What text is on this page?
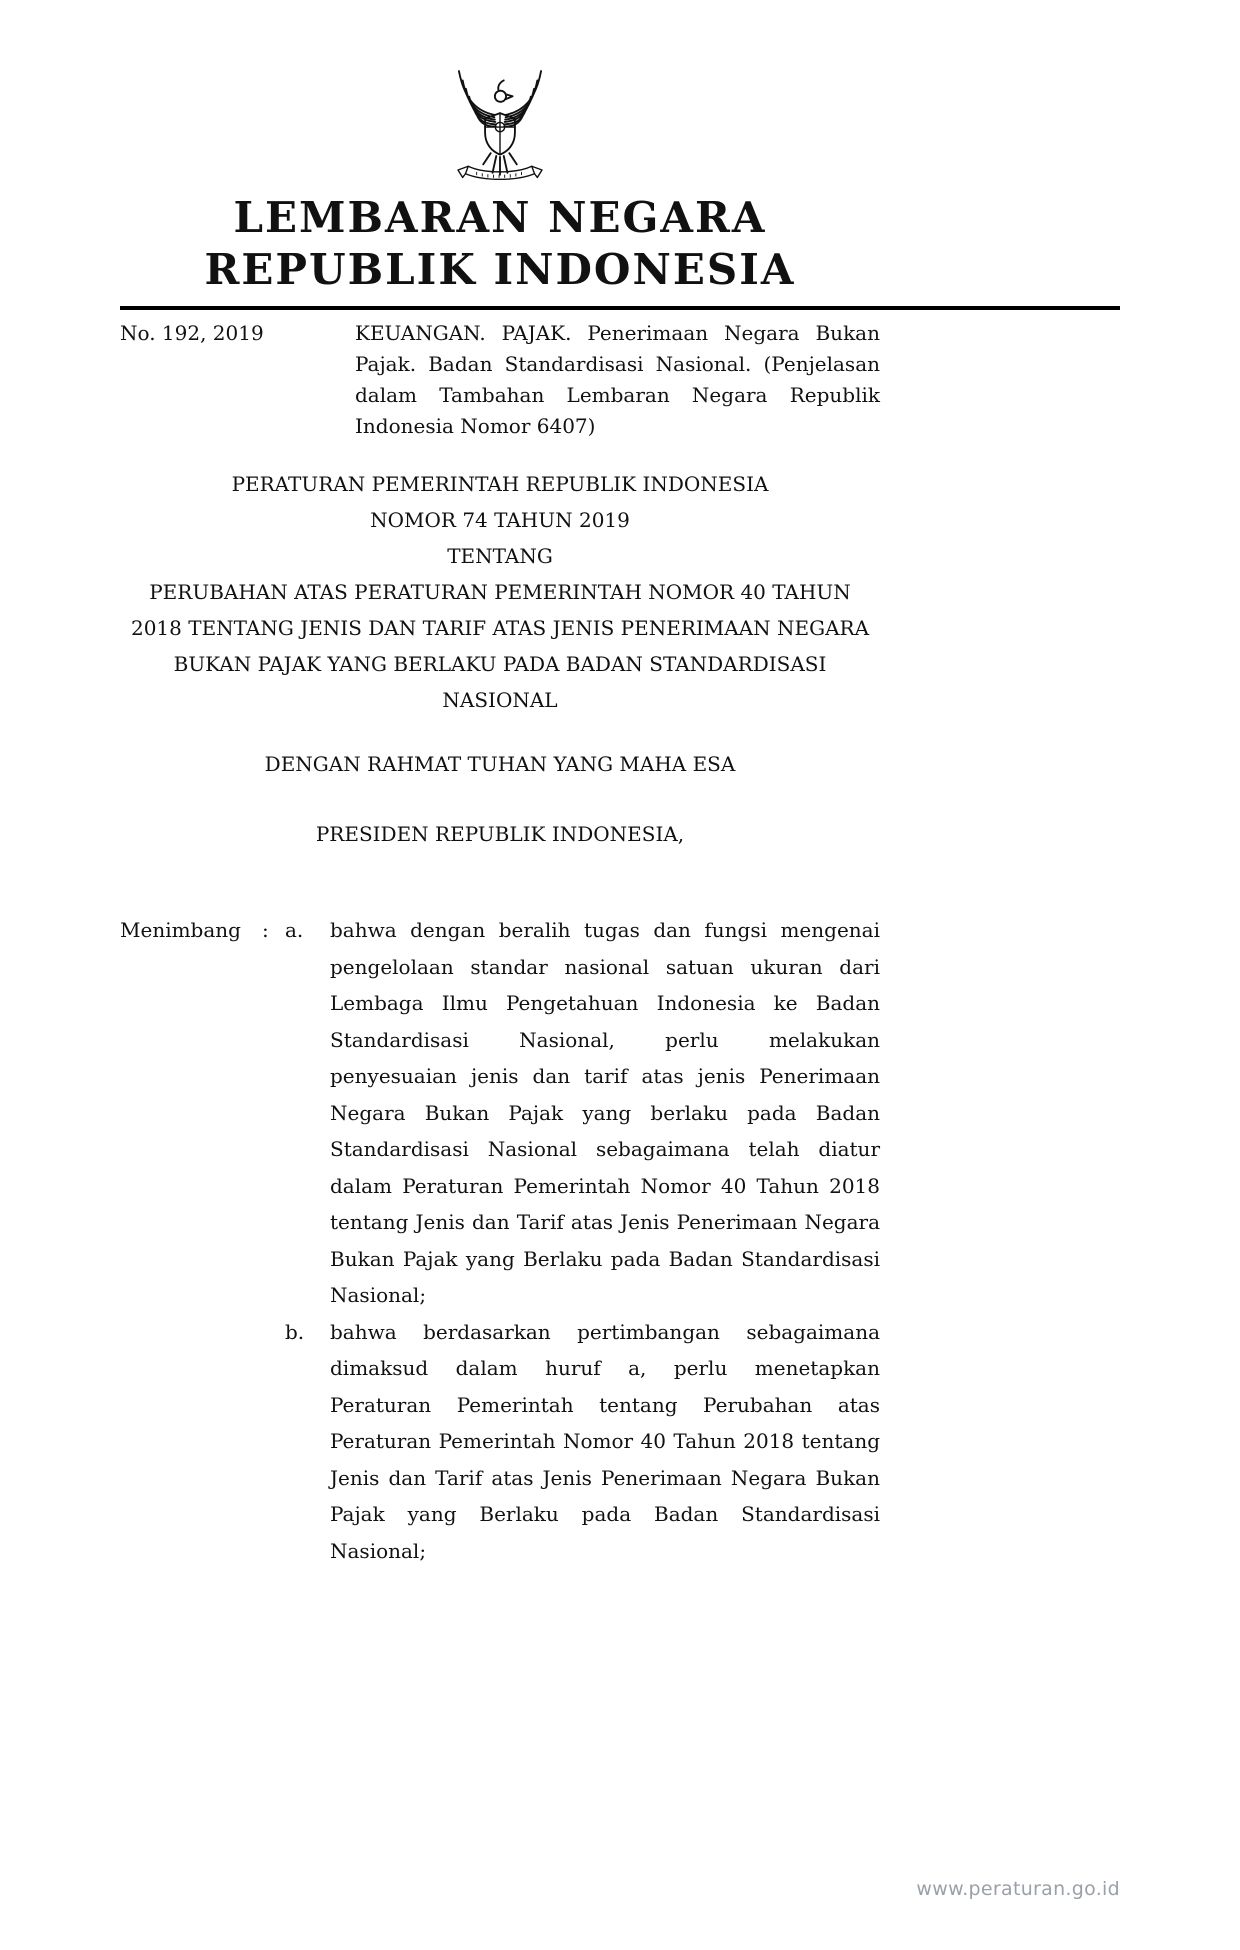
LEMBARAN NEGARA
REPUBLIK INDONESIA
No. 192, 2019	KEUANGAN. PAJAK. Penerimaan Negara Bukan Pajak. Badan Standardisasi Nasional. (Penjelasan dalam Tambahan Lembaran Negara Republik Indonesia Nomor 6407)

PERATURAN PEMERINTAH REPUBLIK INDONESIA
NOMOR 74 TAHUN 2019
TENTANG
PERUBAHAN ATAS PERATURAN PEMERINTAH NOMOR 40 TAHUN 2018 TENTANG JENIS DAN TARIF ATAS JENIS PENERIMAAN NEGARA BUKAN PAJAK YANG BERLAKU PADA BADAN STANDARDISASI NASIONAL
DENGAN RAHMAT TUHAN YANG MAHA ESA
PRESIDEN REPUBLIK INDONESIA,
Menimbang	: a.	bahwa dengan beralih tugas dan fungsi mengenai pengelolaan standar nasional satuan ukuran dari Lembaga Ilmu Pengetahuan Indonesia ke Badan Standardisasi Nasional, perlu melakukan penyesuaian jenis dan tarif atas jenis Penerimaan Negara Bukan Pajak yang berlaku pada Badan Standardisasi Nasional sebagaimana telah diatur dalam Peraturan Pemerintah Nomor 40 Tahun 2018 tentang Jenis dan Tarif atas Jenis Penerimaan Negara Bukan Pajak yang Berlaku pada Badan Standardisasi Nasional;

b.	bahwa berdasarkan pertimbangan sebagaimana dimaksud dalam huruf a, perlu menetapkan Peraturan Pemerintah tentang Perubahan atas Peraturan Pemerintah Nomor 40 Tahun 2018 tentang Jenis dan Tarif atas Jenis Penerimaan Negara Bukan Pajak yang Berlaku pada Badan Standardisasi Nasional;

www.peraturan.go.id
